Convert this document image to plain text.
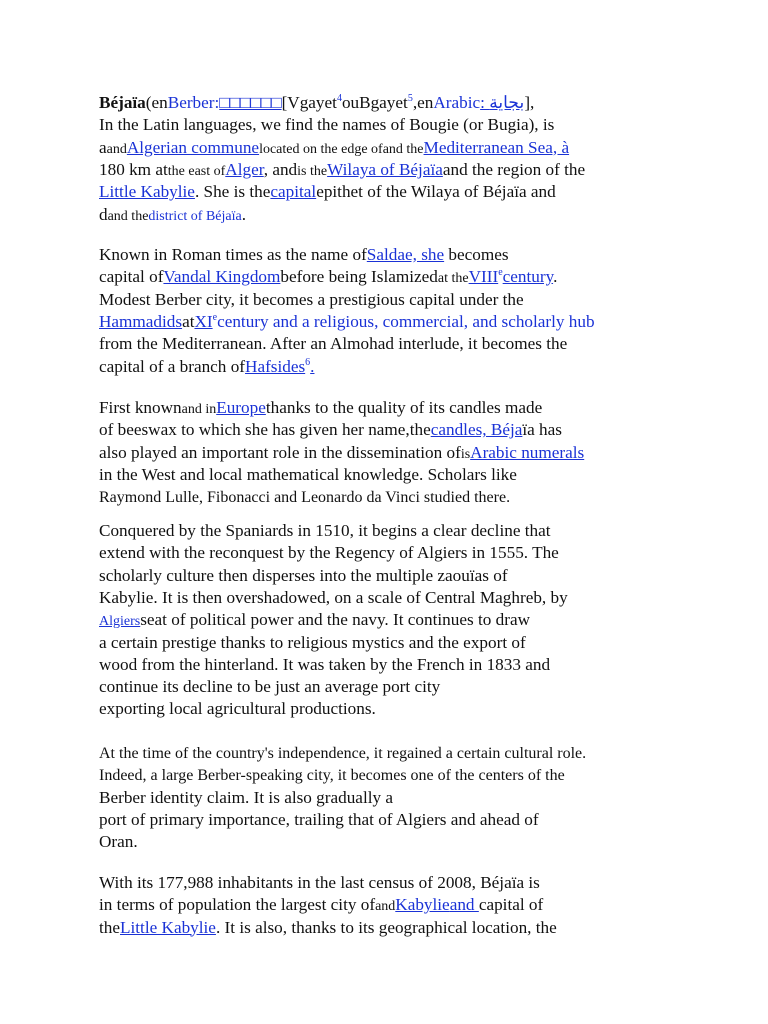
Béjaïa(enBerber:□□□□□□[Vgayet$^4$ouBgayet$^5$,enArabic: بجاية],
In the Latin languages, we find the names of Bougie (or Bugia), is
aandAlgerian communelocated on the edge ofand theMediterranean Sea, à
180 km atthe east ofAlger, andis theWilaya of Béjaïaand the region of the
Little Kabylie. She is thecapitalepithet of the Wilaya of Béjaïa and
dand thedistrict of Béjaïa.
Known in Roman times as the name ofSaldae, she becomes
capital ofVandal Kingdombefore being Islamizedat theVIII$^e$century.
Modest Berber city, it becomes a prestigious capital under the
HammadidsatXI$^e$century and a religious, commercial, and scholarly hub
from the Mediterranean. After an Almohad interlude, it becomes the
capital of a branch ofHafsides$^6$.
First knownand inEuropethanks to the quality of its candles made
of beeswax to which she has given her name,thecandles, Béjaïa has
also played an important role in the dissemination ofisArabic numerals
in the West and local mathematical knowledge. Scholars like
Raymond Lulle, Fibonacci and Leonardo da Vinci studied there.
Conquered by the Spaniards in 1510, it begins a clear decline that
extend with the reconquest by the Regency of Algiers in 1555. The
scholarly culture then disperses into the multiple zaouïas of
Kabylie. It is then overshadowed, on a scale of Central Maghreb, by
Algiersseat of political power and the navy. It continues to draw
a certain prestige thanks to religious mystics and the export of
wood from the hinterland. It was taken by the French in 1833 and
continue its decline to be just an average port city
exporting local agricultural productions.
At the time of the country's independence, it regained a certain cultural role.
Indeed, a large Berber-speaking city, it becomes one of the centers of the
Berber identity claim. It is also gradually a
port of primary importance, trailing that of Algiers and ahead of
Oran.
With its 177,988 inhabitants in the last census of 2008, Béjaïa is
in terms of population the largest city ofandKabylieand capital of
theLittle Kabylie. It is also, thanks to its geographical location, the
